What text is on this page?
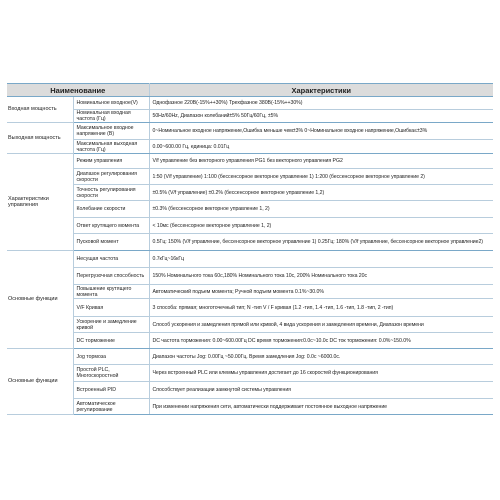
Наименование		Характеристики
Входная мощность	Номинальное входное(V)	Однофазное 220В(-15%++30%) Трехфазное 380В(-15%++30%)
	Номинальная входная частота (Гц)	50Hz/60Hz, Диапазон колебаний±5% 50Гц/60Гц, ±5%
Выходная мощность	Максимальное входное напряжение (В)	0~Номинальное входное напряжение,Ошибка меньше чем±3% 0~Номинальное входное напряжение,Ошибка≤±3%
	Максимальная выходная частота (Гц)	0.00~600.00 Гц, единица: 0.01Гц
Характеристики управления	Режим управления	V/f управление без векторного управления PG1 без векторного управления PG2
	Диапазон регулирования скорости	1:50 (V/f управление) 1:100 (бессенсорное векторное управление 1) 1:200 (бессенсорное векторное управление 2)
	Точность регулирования скорости	±0.5% (V/f управление) ±0.2% (бессенсорное векторное управление 1,2)
	Колебание скорости	±0.3% (бессенсорное векторное управление 1, 2)
	Ответ крутящего момента	< 10мс (бессенсорное векторное управление 1, 2)
	Пусковой момент	0.5Гц: 150% (V/f управление, бессенсорное векторное управление 1) 0.25Гц: 180% (V/f управление, бессенсорное векторное управление2)
Основные функции	Несущая частота	0.7кГц~16кГц
	Перегрузочная способность	150% Номинального тока 60с,180% Номинального тока 10с, 200% Номинального тока 20с
	Повышение крутящего момента	Автоматический подъем момента; Ручной подъем момента 0.1%~30.0%
	V/F Кривая	3 способа: прямая; многоточечный тип; N -тип V / F кривая (1.2 -тип, 1.4 -тип, 1.6 -тип, 1.8 -тип, 2 -тип)
	Ускорение и замедление кривой	Способ ускорения и замедления прямой или кривой, 4 вида ускорения и замедления времени, Диапазон времени
	DC торможение	DC частота торможения: 0.00~600.00Гц DC время торможения:0.0с~10.0с DC ток торможения: 0.0%~150.0%
Основные функции	Jog тормоза	Диапазон частоты Jog: 0.00Гц ~50.00Гц. Время замедления Jog: 0.0с ~6000.0с.
	Простой PLC, Многоскоростной	Через встроенный PLC или клеммы управления достигает до 16 скоростей функционирования
	Встроенный PID	Способствует реализации замкнутой системы управления
	Автоматическое регулирование	При изменении напряжения сети, автоматически поддерживает постоянное выходное напряжение
